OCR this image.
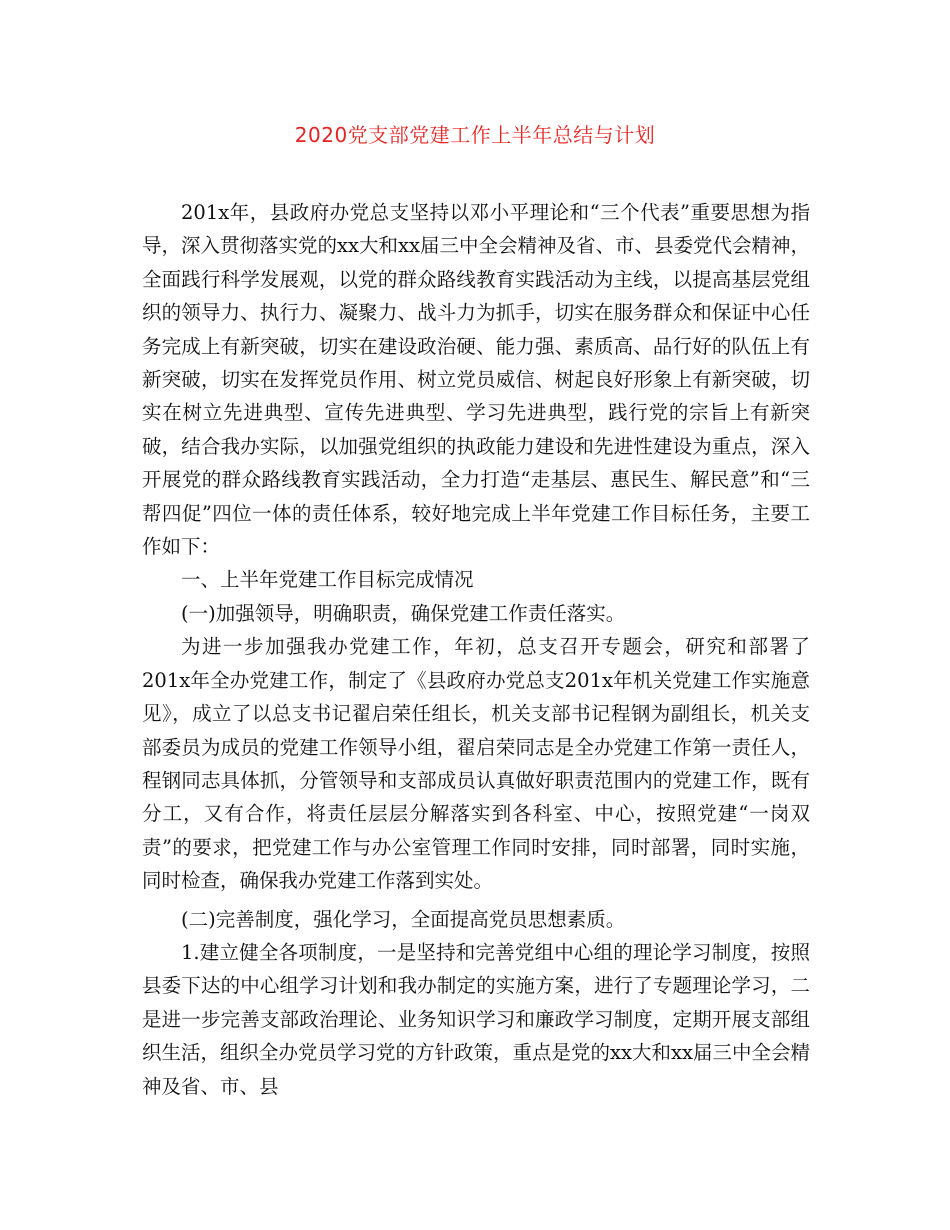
2020党支部党建工作上半年总结与计划

201x年，县政府办党总支坚持以邓小平理论和“三个代表”重要思想为指导，深入贯彻落实党的xx大和xx届三中全会精神及省、市、县委党代会精神，全面践行科学发展观，以党的群众路线教育实践活动为主线，以提高基层党组织的领导力、执行力、凝聚力、战斗力为抓手，切实在服务群众和保证中心任务完成上有新突破，切实在建设政治硬、能力强、素质高、品行好的队伍上有新突破，切实在发挥党员作用、树立党员威信、树起良好形象上有新突破，切实在树立先进典型、宣传先进典型、学习先进典型，践行党的宗旨上有新突破，结合我办实际，以加强党组织的执政能力建设和先进性建设为重点，深入开展党的群众路线教育实践活动，全力打造“走基层、惠民生、解民意”和“三帮四促”四位一体的责任体系，较好地完成上半年党建工作目标任务，主要工作如下：

一、上半年党建工作目标完成情况

(一)加强领导，明确职责，确保党建工作责任落实。

为进一步加强我办党建工作，年初，总支召开专题会，研究和部署了201x年全办党建工作，制定了《县政府办党总支201x年机关党建工作实施意见》，成立了以总支书记翟启荣任组长，机关支部书记程钢为副组长，机关支部委员为成员的党建工作领导小组，翟启荣同志是全办党建工作第一责任人，程钢同志具体抓，分管领导和支部成员认真做好职责范围内的党建工作，既有分工，又有合作，将责任层层分解落实到各科室、中心，按照党建“一岗双责”的要求，把党建工作与办公室管理工作同时安排，同时部署，同时实施，同时检查，确保我办党建工作落到实处。

(二)完善制度，强化学习，全面提高党员思想素质。

1.建立健全各项制度，一是坚持和完善党组中心组的理论学习制度，按照县委下达的中心组学习计划和我办制定的实施方案，进行了专题理论学习，二是进一步完善支部政治理论、业务知识学习和廉政学习制度，定期开展支部组织生活，组织全办党员学习党的方针政策，重点是党的xx大和xx届三中全会精神及省、市、县
